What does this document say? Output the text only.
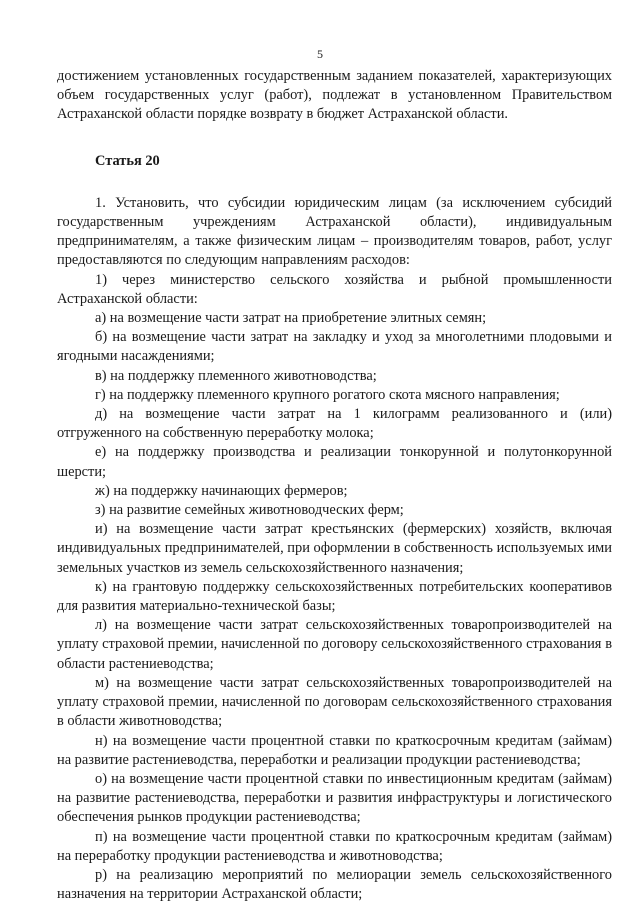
5

достижением установленных государственным заданием показателей, характеризующих объем государственных услуг (работ), подлежат в установленном Правительством Астраханской области порядке возврату в бюджет Астраханской области.

Статья 20

1. Установить, что субсидии юридическим лицам (за исключением субсидий государственным учреждениям Астраханской области), индивидуальным предпринимателям, а также физическим лицам – производителям товаров, работ, услуг предоставляются по следующим направлениям расходов:

1) через министерство сельского хозяйства и рыбной промышленности Астраханской области:

а) на возмещение части затрат на приобретение элитных семян;

б) на возмещение части затрат на закладку и уход за многолетними плодовыми и ягодными насаждениями;

в) на поддержку племенного животноводства;

г) на поддержку племенного крупного рогатого скота мясного направления;

д) на возмещение части затрат на 1 килограмм реализованного и (или) отгруженного на собственную переработку молока;

е) на поддержку производства и реализации тонкорунной и полутонкорунной шерсти;

ж) на поддержку начинающих фермеров;

з) на развитие семейных животноводческих ферм;

и) на возмещение части затрат крестьянских (фермерских) хозяйств, включая индивидуальных предпринимателей, при оформлении в собственность используемых ими земельных участков из земель сельскохозяйственного назначения;

к) на грантовую поддержку сельскохозяйственных потребительских кооперативов для развития материально-технической базы;

л) на возмещение части затрат сельскохозяйственных товаропроизводителей на уплату страховой премии, начисленной по договору сельскохозяйственного страхования в области растениеводства;

м) на возмещение части затрат сельскохозяйственных товаропроизводителей на уплату страховой премии, начисленной по договорам сельскохозяйственного страхования в области животноводства;

н) на возмещение части процентной ставки по краткосрочным кредитам (займам) на развитие растениеводства, переработки и реализации продукции растениеводства;

о) на возмещение части процентной ставки по инвестиционным кредитам (займам) на развитие растениеводства, переработки и развития инфраструктуры и логистического обеспечения рынков продукции растениеводства;

п) на возмещение части процентной ставки по краткосрочным кредитам (займам) на переработку продукции растениеводства и животноводства;

р) на реализацию мероприятий по мелиорации земель сельскохозяйственного назначения на территории Астраханской области;
